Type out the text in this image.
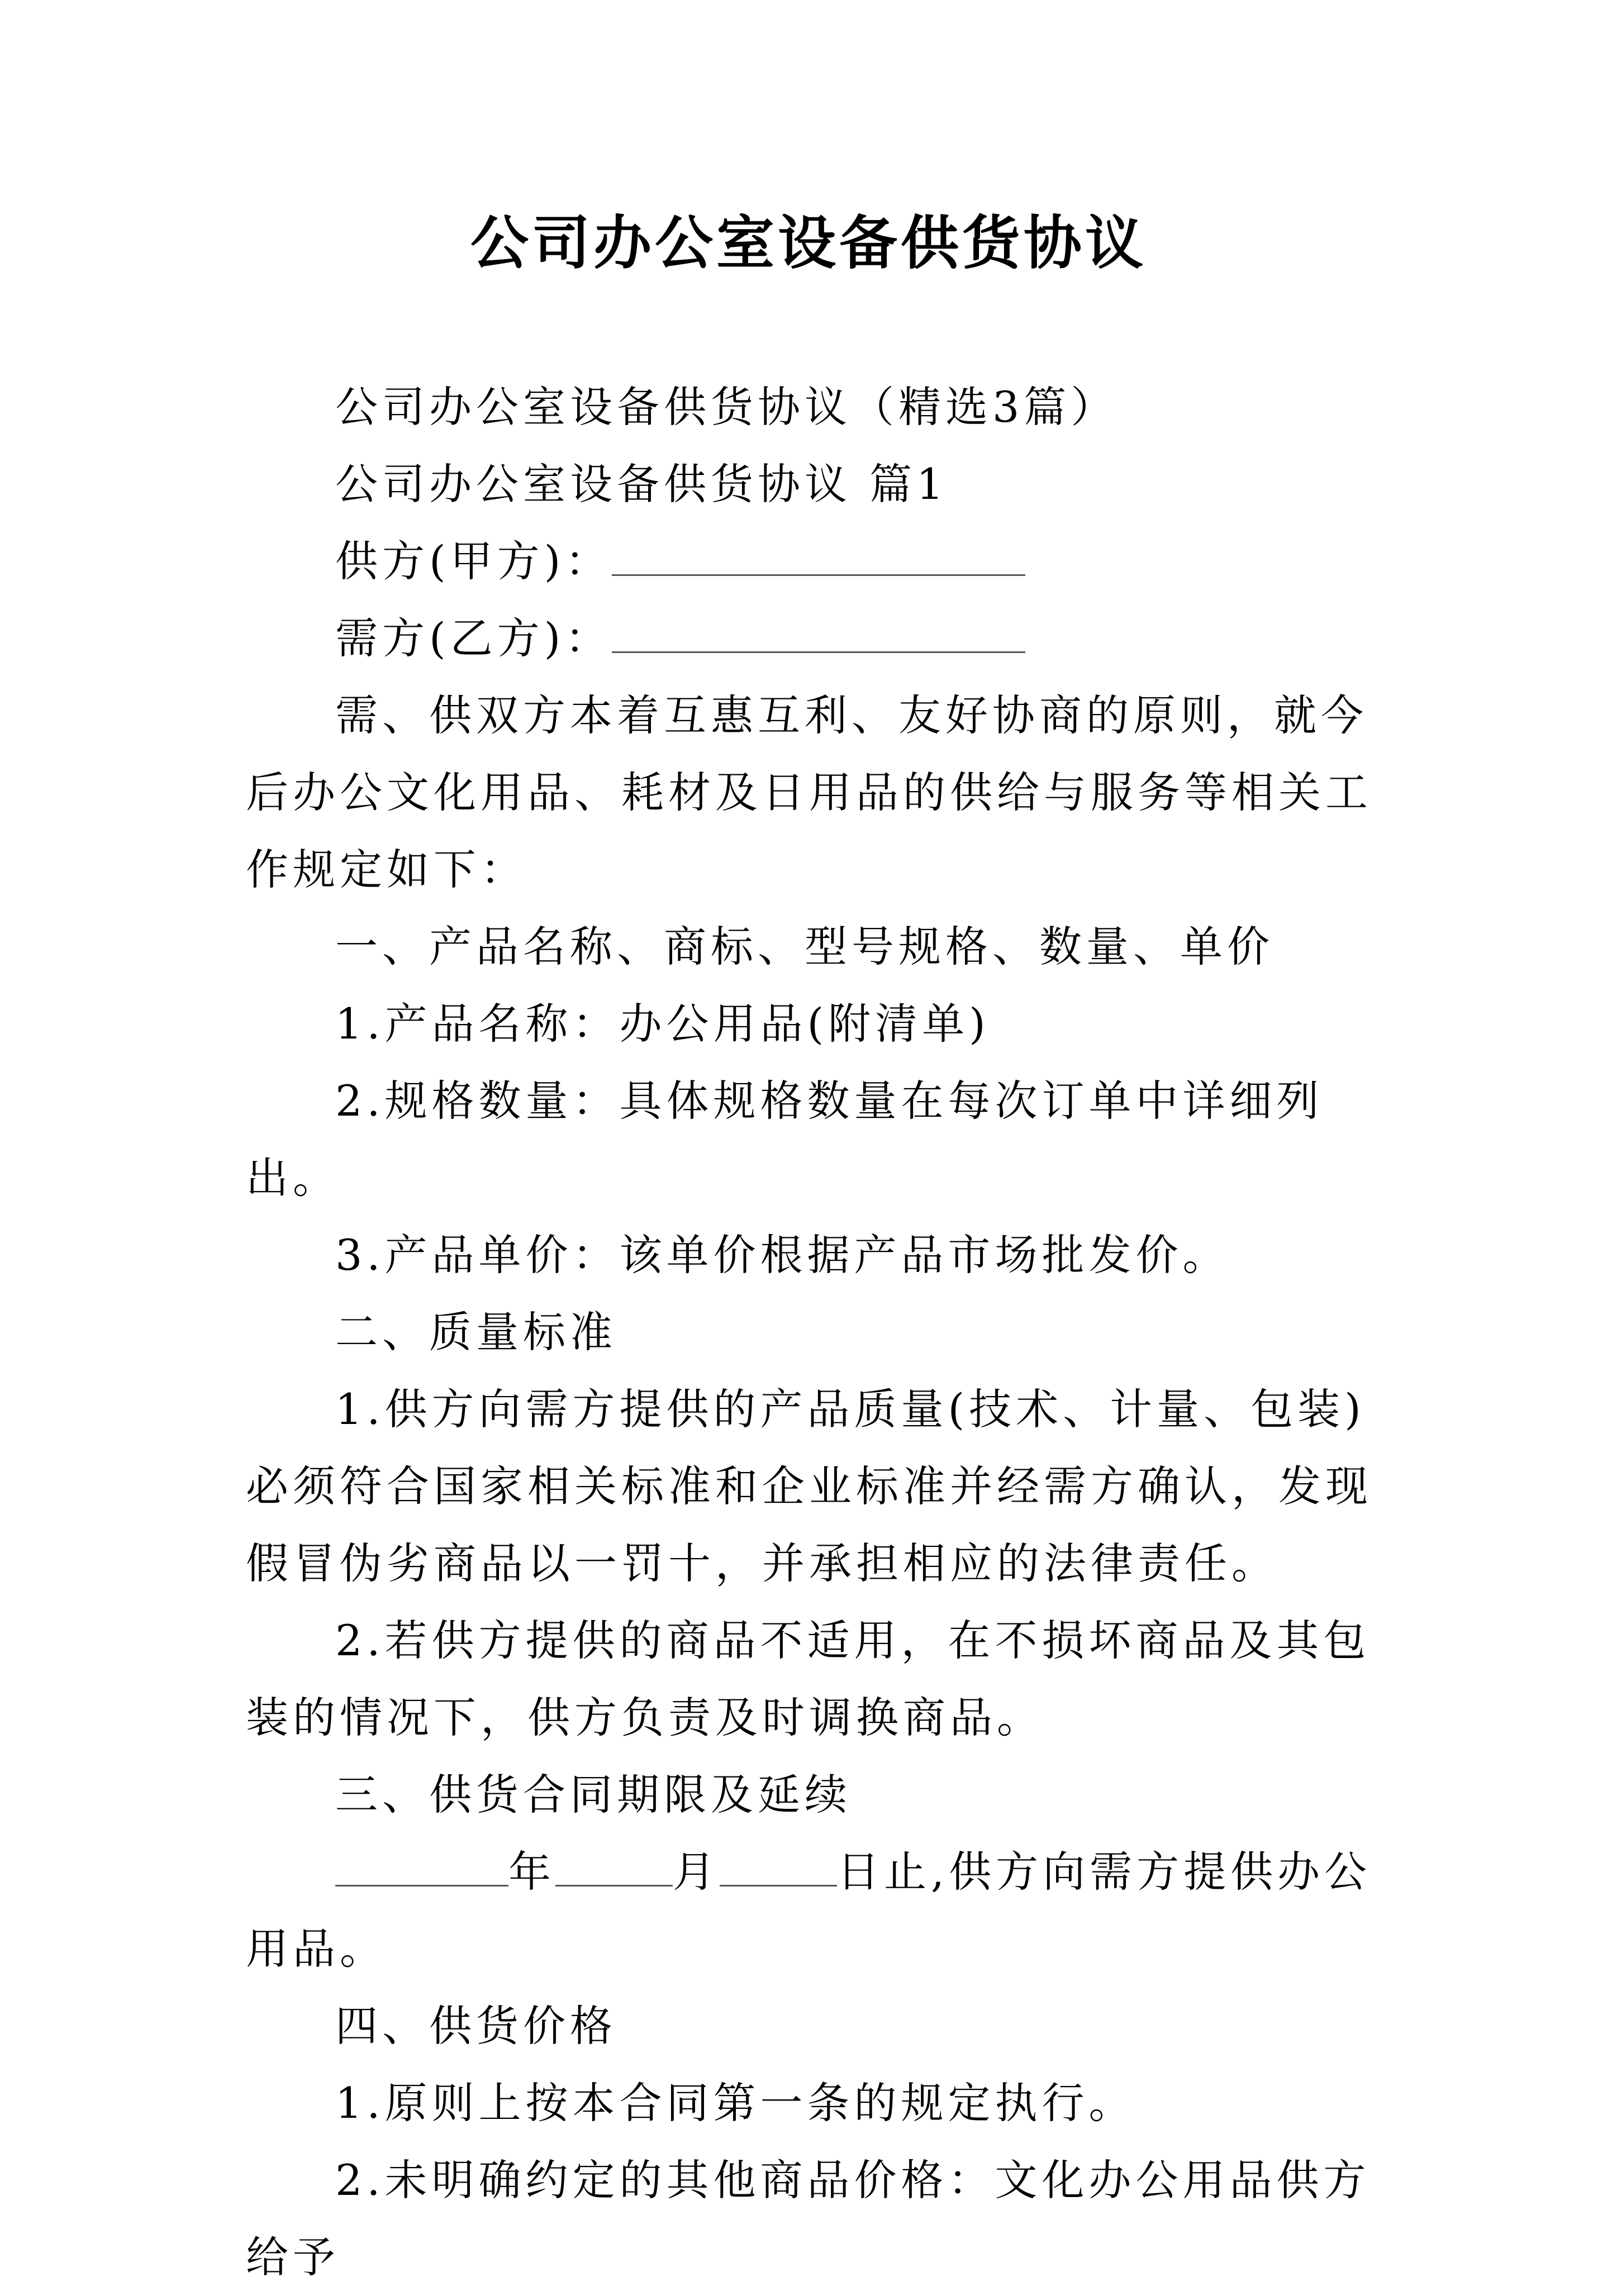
公司办公室设备供货协议

公司办公室设备供货协议（精选3篇）

公司办公室设备供货协议 篇1

供方(甲方)：

需方(乙方)：

需、供双方本着互惠互利、友好协商的原则，就今后办公文化用品、耗材及日用品的供给与服务等相关工作规定如下：

一、产品名称、商标、型号规格、数量、单价

1.产品名称：办公用品(附清单)

2.规格数量：具体规格数量在每次订单中详细列出。

3.产品单价：该单价根据产品市场批发价。

二、质量标准

1.供方向需方提供的产品质量(技术、计量、包装)必须符合国家相关标准和企业标准并经需方确认，发现假冒伪劣商品以一罚十，并承担相应的法律责任。

2.若供方提供的商品不适用，在不损坏商品及其包装的情况下，供方负责及时调换商品。

三、供货合同期限及延续

年	月	日止,供方向需方提供办公用品。

四、供货价格

1.原则上按本合同第一条的规定执行。

2.未明确约定的其他商品价格：文化办公用品供方给予
